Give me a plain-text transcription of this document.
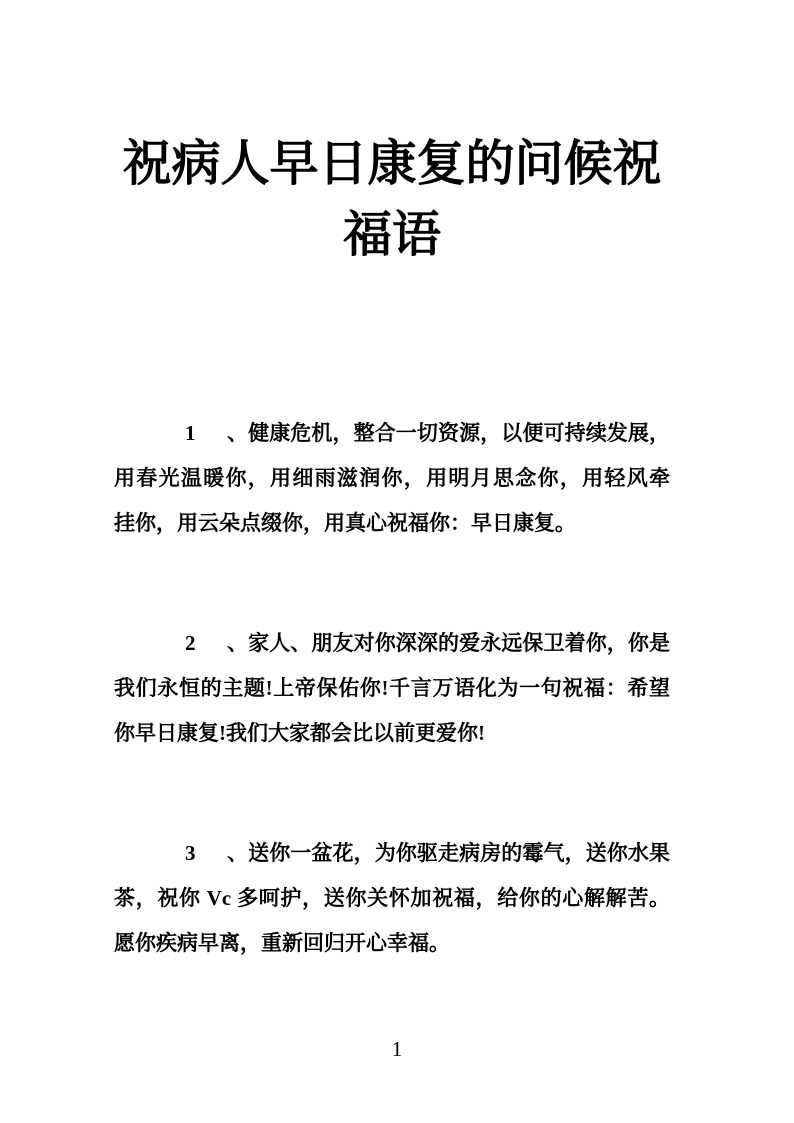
祝病人早日康复的问候祝
福语
1、健康危机，整合一切资源，以便可持续发展，
用春光温暖你，用细雨滋润你，用明月思念你，用轻风牵
挂你，用云朵点缀你，用真心祝福你：早日康复。
2、家人、朋友对你深深的爱永远保卫着你，你是
我们永恒的主题!上帝保佑你!千言万语化为一句祝福：希望
你早日康复!我们大家都会比以前更爱你!
3、送你一盆花，为你驱走病房的霉气，送你水果
茶，祝你 Vc 多呵护，送你关怀加祝福，给你的心解解苦。
愿你疾病早离，重新回归开心幸福。
1
